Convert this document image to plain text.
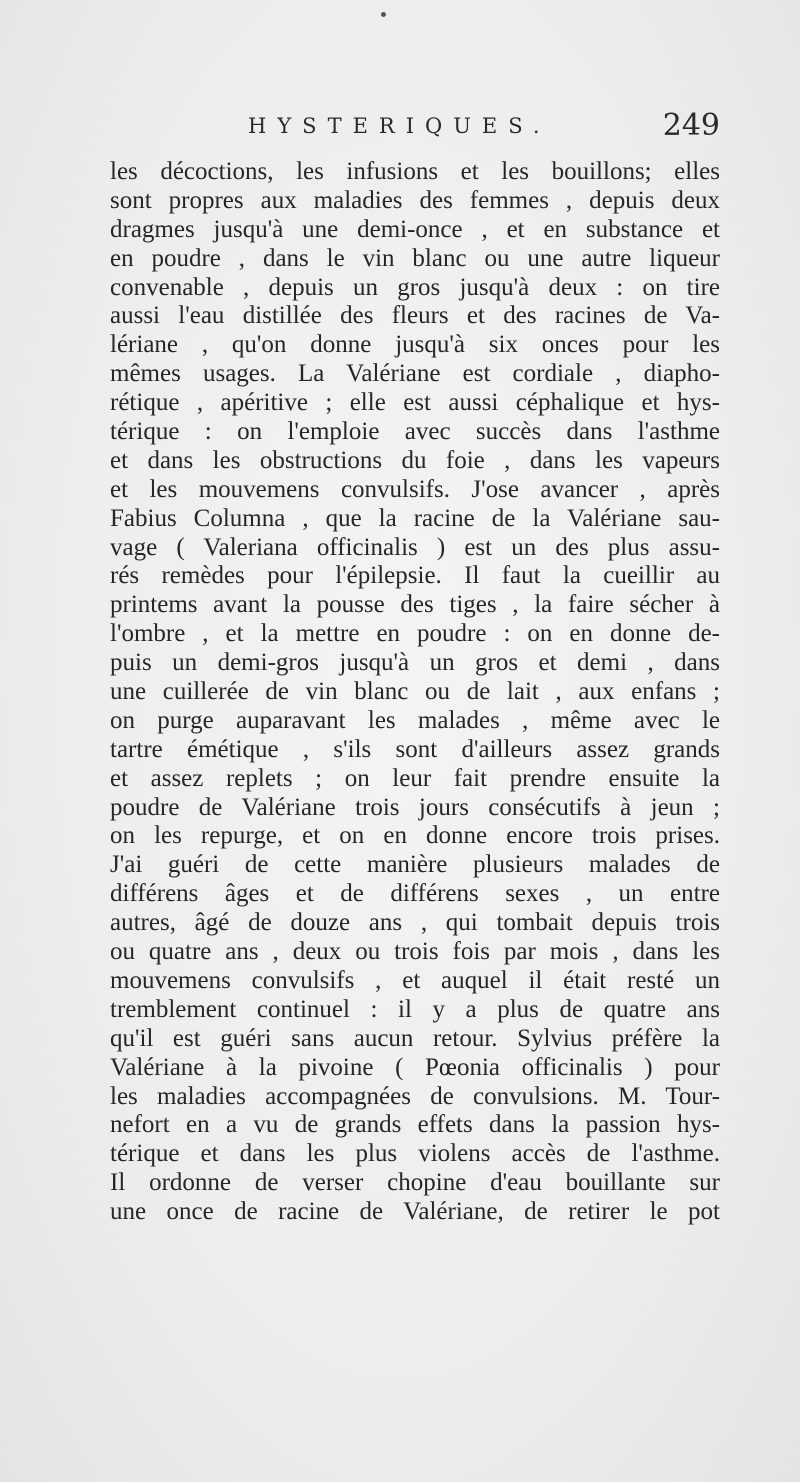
HYSTERIQUES.	249
les décoctions, les infusions et les bouillons; elles
sont propres aux maladies des femmes , depuis deux
dragmes jusqu'à une demi-once , et en substance et
en poudre , dans le vin blanc ou une autre liqueur
convenable , depuis un gros jusqu'à deux : on tire
aussi l'eau distillée des fleurs et des racines de Va-
lériane , qu'on donne jusqu'à six onces pour les
mêmes usages. La Valériane est cordiale , diapho-
rétique , apéritive ; elle est aussi céphalique et hys-
térique : on l'emploie avec succès dans l'asthme
et dans les obstructions du foie , dans les vapeurs
et les mouvemens convulsifs. J'ose avancer , après
Fabius Columna , que la racine de la Valériane sau-
vage ( Valeriana officinalis ) est un des plus assu-
rés remèdes pour l'épilepsie. Il faut la cueillir au
printems avant la pousse des tiges , la faire sécher à
l'ombre , et la mettre en poudre : on en donne de-
puis un demi-gros jusqu'à un gros et demi , dans
une cuillerée de vin blanc ou de lait , aux enfans ;
on purge auparavant les malades , même avec le
tartre émétique , s'ils sont d'ailleurs assez grands
et assez replets ; on leur fait prendre ensuite la
poudre de Valériane trois jours consécutifs à jeun ;
on les repurge, et on en donne encore trois prises.
J'ai guéri de cette manière plusieurs malades de
différens âges et de différens sexes , un entre
autres, âgé de douze ans , qui tombait depuis trois
ou quatre ans , deux ou trois fois par mois , dans les
mouvemens convulsifs , et auquel il était resté un
tremblement continuel : il y a plus de quatre ans
qu'il est guéri sans aucun retour. Sylvius préfère la
Valériane à la pivoine ( Pœonia officinalis ) pour
les maladies accompagnées de convulsions. M. Tour-
nefort en a vu de grands effets dans la passion hys-
térique et dans les plus violens accès de l'asthme.
Il ordonne de verser chopine d'eau bouillante sur
une once de racine de Valériane, de retirer le pot
